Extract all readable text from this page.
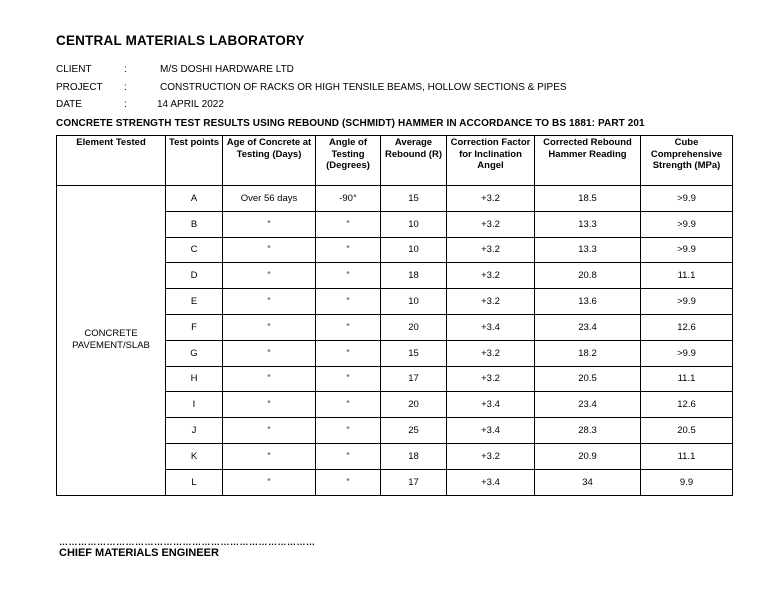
CENTRAL MATERIALS LABORATORY
CLIENT	:	M/S DOSHI HARDWARE LTD
PROJECT	:	CONSTRUCTION OF RACKS OR HIGH TENSILE BEAMS, HOLLOW SECTIONS & PIPES
DATE	:	14 APRIL 2022
CONCRETE STRENGTH TEST RESULTS USING REBOUND (SCHMIDT) HAMMER IN ACCORDANCE TO BS 1881: PART 201
Element Tested	Test points	Age of Concrete at Testing (Days)	Angle of Testing (Degrees)	Average Rebound (R)	Correction Factor for Inclination Angel	Corrected Rebound Hammer Reading	Cube Comprehensive Strength (MPa)
CONCRETE PAVEMENT/SLAB	A	Over 56 days	-90°	15	+3.2	18.5	>9.9
	B	“	“	10	+3.2	13.3	>9.9
	C	“	“	10	+3.2	13.3	>9.9
	D	“	“	18	+3.2	20.8	11.1
	E	“	“	10	+3.2	13.6	>9.9
	F	“	“	20	+3.4	23.4	12.6
	G	“	“	15	+3.2	18.2	>9.9
	H	“	“	17	+3.2	20.5	11.1
	I	“	“	20	+3.4	23.4	12.6
	J	“	“	25	+3.4	28.3	20.5
	K	“	“	18	+3.2	20.9	11.1
	L	“	“	17	+3.4	34	9.9
………………………………………………………………………
CHIEF MATERIALS ENGINEER
